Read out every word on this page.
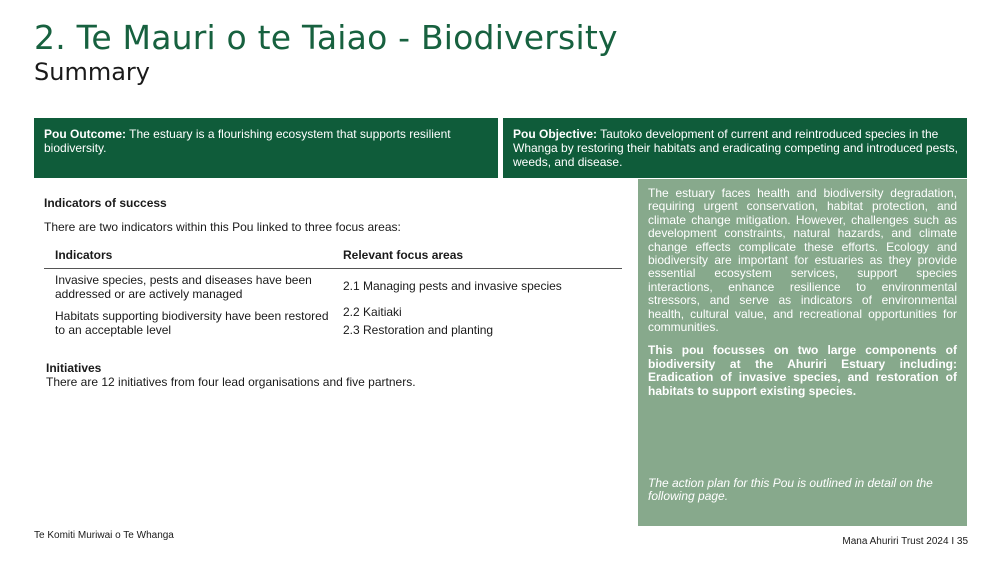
2. Te Mauri o te Taiao - Biodiversity
Summary
Pou Outcome: The estuary is a flourishing ecosystem that supports resilient biodiversity.
Pou Objective: Tautoko development of current and reintroduced species in the Whanga by restoring their habitats and eradicating competing and introduced pests, weeds, and disease.
Indicators of success
There are two indicators within this Pou linked to three focus areas:
Indicators	Relevant focus areas
Invasive species, pests and diseases have been addressed or are actively managed
2.1 Managing pests and invasive species
Habitats supporting biodiversity have been restored to an acceptable level
2.2 Kaitiaki
2.3 Restoration and planting
Initiatives
There are 12 initiatives from four lead organisations and five partners.

The estuary faces health and biodiversity degradation, requiring urgent conservation, habitat protection, and climate change mitigation. However, challenges such as development constraints, natural hazards, and climate change effects complicate these efforts. Ecology and biodiversity are important for estuaries as they provide essential ecosystem services, support species interactions, enhance resilience to environmental stressors, and serve as indicators of environmental health, cultural value, and recreational opportunities for communities.

This pou focusses on two large components of biodiversity at the Ahuriri Estuary including: Eradication of invasive species, and restoration of habitats to support existing species.

The action plan for this Pou is outlined in detail on the following page.

Te Komiti Muriwai o Te Whanga
Mana Ahuriri Trust 2024 I 35
